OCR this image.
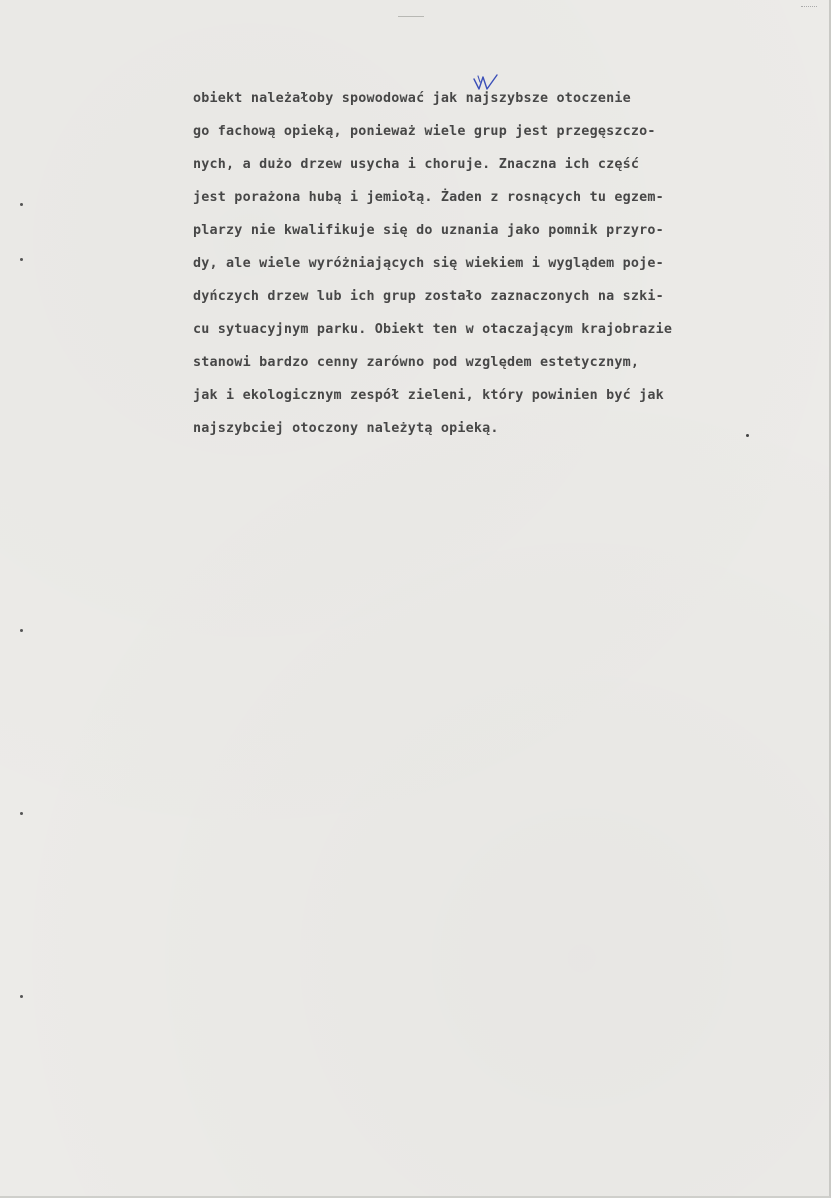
obiekt należałoby spowodować jak najszybsze otoczenie
go fachową opieką, ponieważ wiele grup jest przegęszczo-
nych, a dużo drzew usycha i choruje. Znaczna ich część
jest porażona hubą i jemiołą. Żaden z rosnących tu egzem-
plarzy nie kwalifikuje się do uznania jako pomnik przyro-
dy, ale wiele wyróżniających się wiekiem i wyglądem poje-
dyńczych drzew lub ich grup zostało zaznaczonych na szki-
cu sytuacyjnym parku. Obiekt ten w otaczającym krajobrazie
stanowi bardzo cenny zarówno pod względem estetycznym,
jak i ekologicznym zespół zieleni, który powinien być jak
najszybciej otoczony należytą opieką.
